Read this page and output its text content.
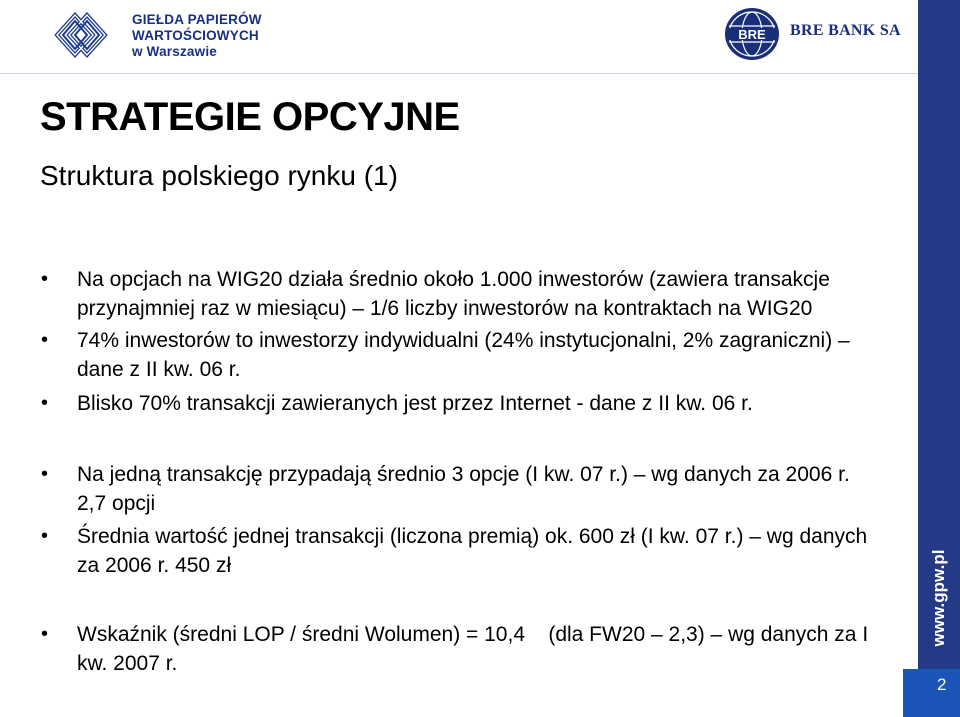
GIEŁDA PAPIERÓW
WARTOŚCIOWYCH
w Warszawie
BRE BRE BANK SA
www.gpw.pl
2
STRATEGIE OPCYJNE
Struktura polskiego rynku (1)
• Na opcjach na WIG20 działa średnio około 1.000 inwestorów (zawiera transakcje
przynajmniej raz w miesiącu) – 1/6 liczby inwestorów na kontraktach na WIG20
• 74% inwestorów to inwestorzy indywidualni (24% instytucjonalni, 2% zagraniczni) –
dane z II kw. 06 r.
• Blisko 70% transakcji zawieranych jest przez Internet - dane z II kw. 06 r.
• Na jedną transakcję przypadają średnio 3 opcje (I kw. 07 r.) – wg danych za 2006 r.
2,7 opcji
• Średnia wartość jednej transakcji (liczona premią) ok. 600 zł (I kw. 07 r.) – wg danych
za 2006 r. 450 zł
• Wskaźnik (średni LOP / średni Wolumen) = 10,4    (dla FW20 – 2,3) – wg danych za I
kw. 2007 r.
